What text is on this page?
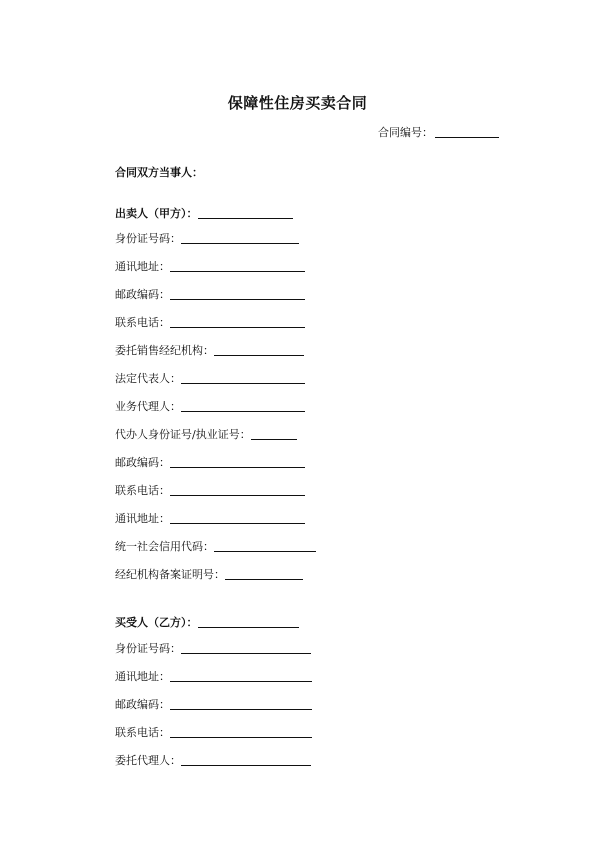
保障性住房买卖合同
合同编号：
合同双方当事人：
出卖人（甲方）：
身份证号码：
通讯地址：
邮政编码：
联系电话：
委托销售经纪机构：
法定代表人：
业务代理人：
代办人身份证号/执业证号：
邮政编码：
联系电话：
通讯地址：
统一社会信用代码：
经纪机构备案证明号：
买受人（乙方）：
身份证号码：
通讯地址：
邮政编码：
联系电话：
委托代理人：
